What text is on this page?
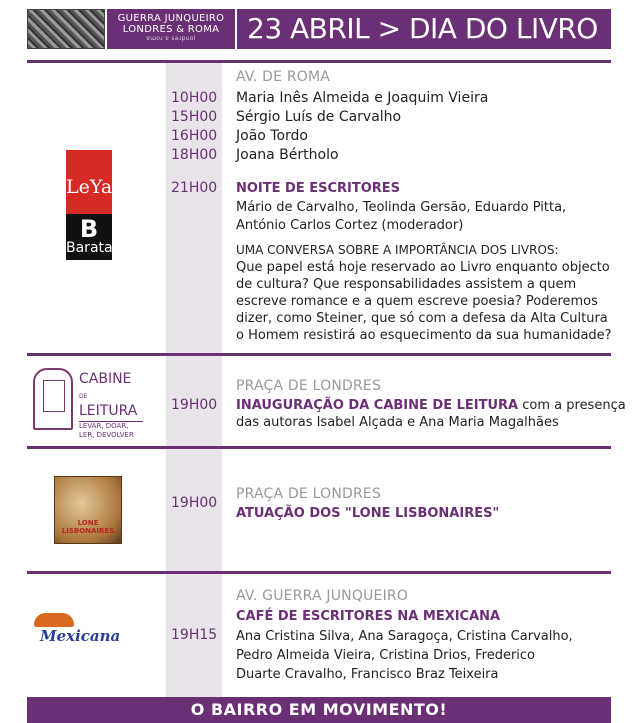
GUERRA JUNQUEIRO
LONDRES & ROMA
ɐɯoɹ ɐ sǝɹpuol	23 ABRIL > DIA DO LIVRO
LeYa
B
Barata
CABINE DE
LEITURA
LEVAR, DOAR, LER, DEVOLVER
LONE LISBONAIRES
Mexicana
AV. DE ROMA
10H00 Maria Inês Almeida e Joaquim Vieira
15H00 Sérgio Luís de Carvalho
16H00 João Tordo
18H00 Joana Bértholo
21H00 NOITE DE ESCRITORES
Mário de Carvalho, Teolinda Gersão, Eduardo Pitta,
António Carlos Cortez (moderador)
UMA CONVERSA SOBRE A IMPORTÂNCIA DOS LIVROS:
Que papel está hoje reservado ao Livro enquanto objecto
de cultura? Que responsabilidades assistem a quem
escreve romance e a quem escreve poesia? Poderemos
dizer, como Steiner, que só com a defesa da Alta Cultura
o Homem resistirá ao esquecimento da sua humanidade?
PRAÇA DE LONDRES
19H00 INAUGURAÇÃO DA CABINE DE LEITURA com a presença
das autoras Isabel Alçada e Ana Maria Magalhães
PRAÇA DE LONDRES
19H00
ATUAÇÃO DOS "LONE LISBONAIRES"
AV. GUERRA JUNQUEIRO
CAFÉ DE ESCRITORES NA MEXICANA
19H15 Ana Cristina Silva, Ana Saragoça, Cristina Carvalho,
Pedro Almeida Vieira, Cristina Drios, Frederico
Duarte Cravalho, Francisco Braz Teixeira
O BAIRRO EM MOVIMENTO!
